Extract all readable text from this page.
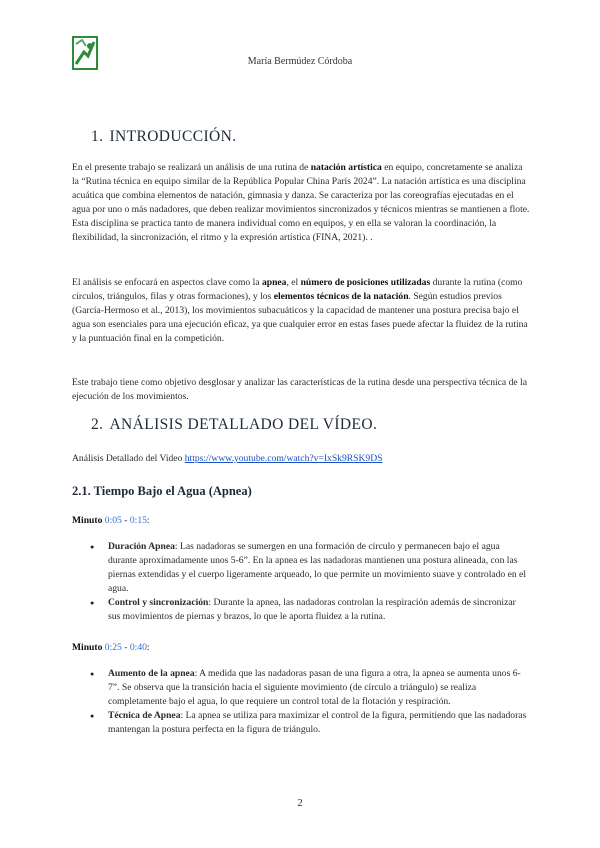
María Bermúdez Córdoba
1. INTRODUCCIÓN.

En el presente trabajo se realizará un análisis de una rutina de natación artística en equipo, concretamente se analiza la “Rutina técnica en equipo similar de la República Popular China París 2024”. La natación artística es una disciplina acuática que combina elementos de natación, gimnasia y danza. Se caracteriza por las coreografías ejecutadas en el agua por uno o más nadadores, que deben realizar movimientos sincronizados y técnicos mientras se mantienen a flote. Esta disciplina se practica tanto de manera individual como en equipos, y en ella se valoran la coordinación, la flexibilidad, la sincronización, el ritmo y la expresión artística (FINA, 2021). .

El análisis se enfocará en aspectos clave como la apnea, el número de posiciones utilizadas durante la rutina (como círculos, triángulos, filas y otras formaciones), y los elementos técnicos de la natación. Según estudios previos (García-Hermoso et al., 2013), los movimientos subacuáticos y la capacidad de mantener una postura precisa bajo el agua son esenciales para una ejecución eficaz, ya que cualquier error en estas fases puede afectar la fluidez de la rutina y la puntuación final en la competición.

Este trabajo tiene como objetivo desglosar y analizar las características de la rutina desde una perspectiva técnica de la ejecución de los movimientos.

2. ANÁLISIS DETALLADO DEL VÍDEO.

Análisis Detallado del Video https://www.youtube.com/watch?v=IxSk9RSK9DS

2.1. Tiempo Bajo el Agua (Apnea)

Minuto 0:05 - 0:15:

● Duración Apnea: Las nadadoras se sumergen en una formación de círculo y permanecen bajo el agua durante aproximadamente unos 5-6”. En la apnea es las nadadoras mantienen una postura alineada, con las piernas extendidas y el cuerpo ligeramente arqueado, lo que permite un movimiento suave y controlado en el agua.
● Control y sincronización: Durante la apnea, las nadadoras controlan la respiración además de sincronizar sus movimientos de piernas y brazos, lo que le aporta fluidez a la rutina.

Minuto 0:25 - 0:40:

● Aumento de la apnea: A medida que las nadadoras pasan de una figura a otra, la apnea se aumenta unos 6-7”. Se observa que la transición hacia el siguiente movimiento (de círculo a triángulo) se realiza completamente bajo el agua, lo que requiere un control total de la flotación y respiración.
● Técnica de Apnea: La apnea se utiliza para maximizar el control de la figura, permitiendo que las nadadoras mantengan la postura perfecta en la figura de triángulo.
2
